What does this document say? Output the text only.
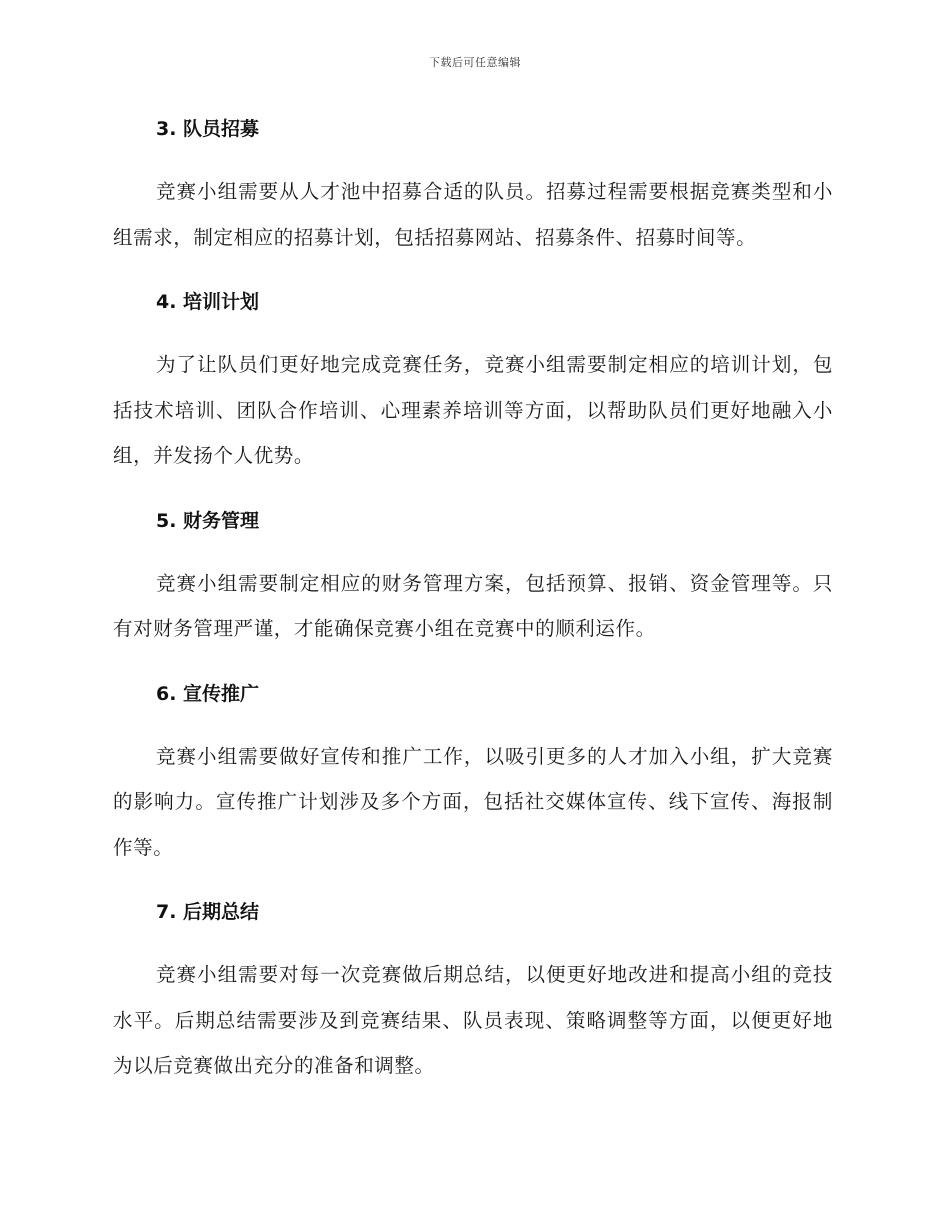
下载后可任意编辑
3. 队员招募

竞赛小组需要从人才池中招募合适的队员。招募过程需要根据竞赛类型和小组需求，制定相应的招募计划，包括招募网站、招募条件、招募时间等。

4. 培训计划

为了让队员们更好地完成竞赛任务，竞赛小组需要制定相应的培训计划，包括技术培训、团队合作培训、心理素养培训等方面，以帮助队员们更好地融入小组，并发扬个人优势。

5. 财务管理

竞赛小组需要制定相应的财务管理方案，包括预算、报销、资金管理等。只有对财务管理严谨，才能确保竞赛小组在竞赛中的顺利运作。

6. 宣传推广

竞赛小组需要做好宣传和推广工作，以吸引更多的人才加入小组，扩大竞赛的影响力。宣传推广计划涉及多个方面，包括社交媒体宣传、线下宣传、海报制作等。

7. 后期总结

竞赛小组需要对每一次竞赛做后期总结，以便更好地改进和提高小组的竞技水平。后期总结需要涉及到竞赛结果、队员表现、策略调整等方面，以便更好地为以后竞赛做出充分的准备和调整。
